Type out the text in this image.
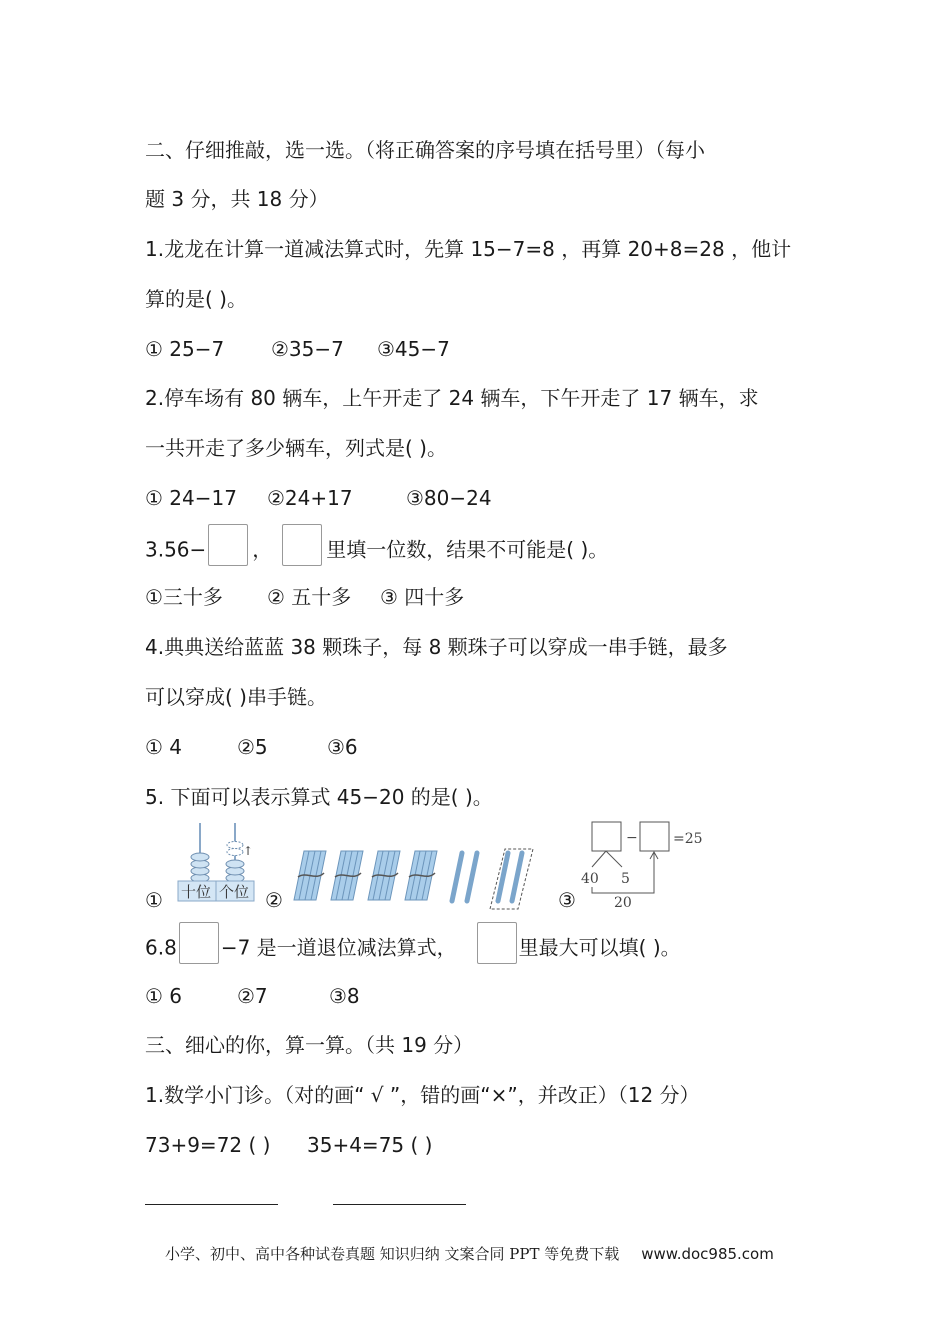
二、仔细推敲，选一选。（将正确答案的序号填在括号里）（每小
题 3 分，共 18 分）
1.龙龙在计算一道减法算式时，先算 15−7=8 ，再算 20+8=28 ，他计
算的是( )。
① 25−7 ②35−7 ③45−7
2.停车场有 80 辆车，上午开走了 24 辆车，下午开走了 17 辆车，求
一共开走了多少辆车，列式是( )。
① 24−17 ②24+17	③80−24
3.56− ，	里填一位数，结果不可能是( )。
①三十多 ② 五十多 ③ 四十多
4.典典送给蓝蓝 38 颗珠子，每 8 颗珠子可以穿成一串手链，最多
可以穿成( )串手链。
① 4	②5	③6
5. 下面可以表示算式 45−20 的是( )。
①
↑
十位 个位 ②	③
−	=25
40 5
20
6.8 −7 是一道退位减法算式，	里最大可以填( )。
① 6	②7	③8
三、细心的你，算一算。（共 19 分）
1.数学小门诊。（对的画“ √ ”，错的画“×”，并改正）（12 分）
73+9=72 ( ) 35+4=75 ( )
小学、初中、高中各种试卷真题 知识归纳 文案合同 PPT 等免费下载 www.doc985.com
